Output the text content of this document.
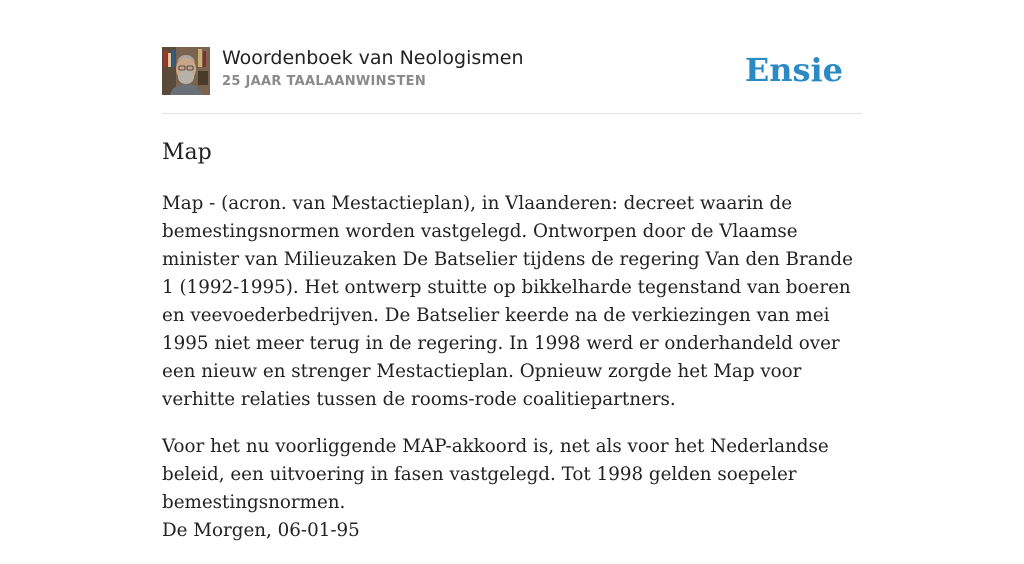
Woordenboek van Neologismen
25 JAAR TAALAANWINSTEN	Ensie
Map

Map - (acron. van Mestactieplan), in Vlaanderen: decreet waarin de bemestingsnormen worden vastgelegd. Ontworpen door de Vlaamse minister van Milieuzaken De Batselier tijdens de regering Van den Brande 1 (1992-1995). Het ontwerp stuitte op bikkelharde tegenstand van boeren en veevoederbedrijven. De Batselier keerde na de verkiezingen van mei 1995 niet meer terug in de regering. In 1998 werd er onderhandeld over een nieuw en strenger Mestactieplan. Opnieuw zorgde het Map voor verhitte relaties tussen de rooms-rode coalitiepartners.

Voor het nu voorliggende MAP-akkoord is, net als voor het Nederlandse beleid, een uitvoering in fasen vastgelegd. Tot 1998 gelden soepeler bemestingsnormen.
De Morgen, 06-01-95
